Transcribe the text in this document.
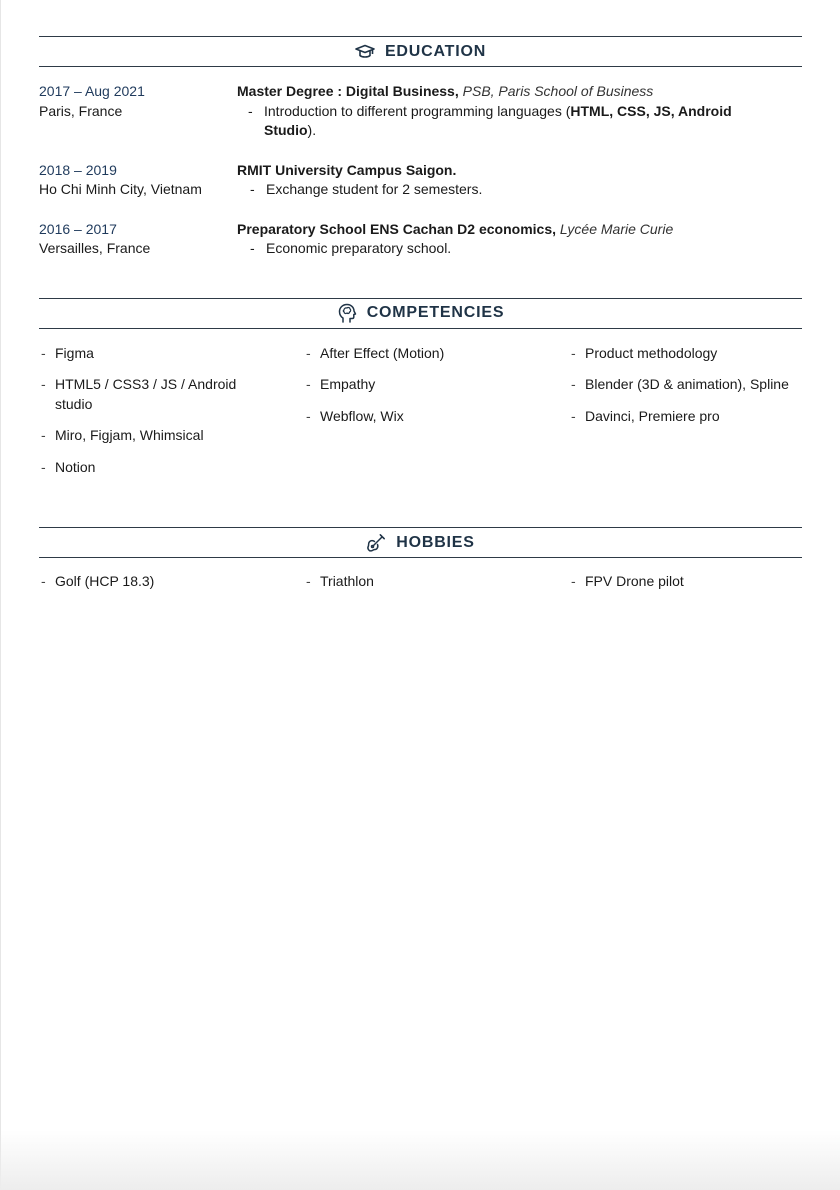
EDUCATION
2017 – Aug 2021
Paris, France
Master Degree : Digital Business, PSB, Paris School of Business
- Introduction to different programming languages (HTML, CSS, JS, Android Studio).
2018 – 2019
Ho Chi Minh City, Vietnam
RMIT University Campus Saigon.
- Exchange student for 2 semesters.
2016 – 2017
Versailles, France
Preparatory School ENS Cachan D2 economics, Lycée Marie Curie
- Economic preparatory school.
COMPETENCIES
- Figma
- HTML5 / CSS3 / JS / Android studio
- Miro, Figjam, Whimsical
- Notion
- After Effect (Motion)
- Empathy
- Webflow, Wix
- Product methodology
- Blender (3D & animation), Spline
- Davinci, Premiere pro
HOBBIES
- Golf (HCP 18.3)	- Triathlon	- FPV Drone pilot
